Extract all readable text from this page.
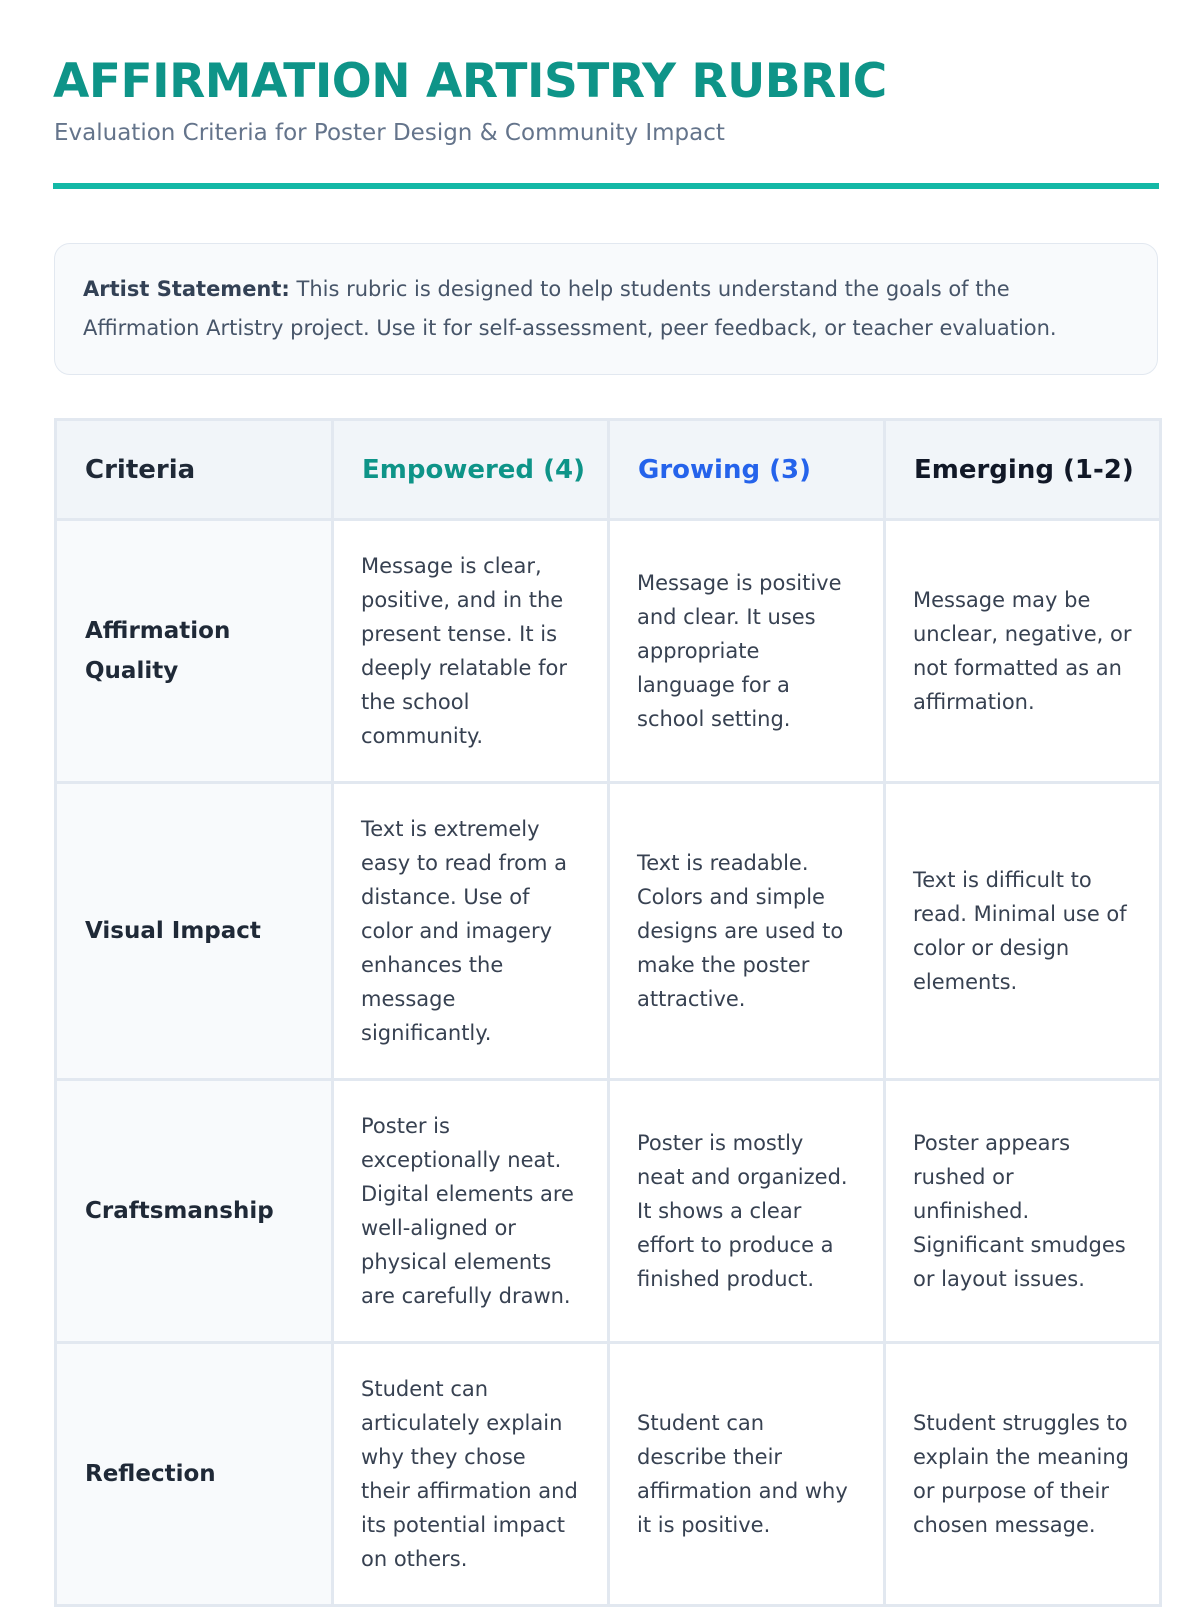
AFFIRMATION ARTISTRY RUBRIC

Evaluation Criteria for Poster Design & Community Impact

Artist Statement: This rubric is designed to help students understand the goals of the Affirmation Artistry project. Use it for self-assessment, peer feedback, or teacher evaluation.
Criteria	Empowered (4)	Growing (3)	Emerging (1-2)
Affirmation Quality	Message is clear, positive, and in the present tense. It is deeply relatable for the school community.	Message is positive and clear. It uses appropriate language for a school setting.	Message may be unclear, negative, or not formatted as an affirmation.
Visual Impact	Text is extremely easy to read from a distance. Use of color and imagery enhances the message significantly.	Text is readable. Colors and simple designs are used to make the poster attractive.	Text is difficult to read. Minimal use of color or design elements.
Craftsmanship	Poster is exceptionally neat. Digital elements are well-aligned or physical elements are carefully drawn.	Poster is mostly neat and organized. It shows a clear effort to produce a finished product.	Poster appears rushed or unfinished. Significant smudges or layout issues.
Reflection	Student can articulately explain why they chose their affirmation and its potential impact on others.	Student can describe their affirmation and why it is positive.	Student struggles to explain the meaning or purpose of their chosen message.
